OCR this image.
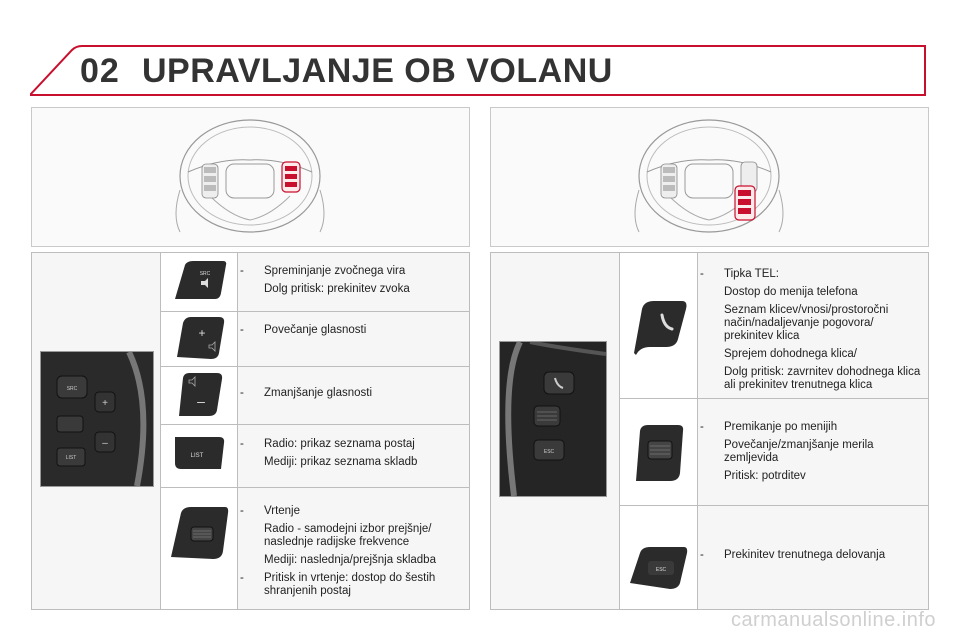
02 UPRAVLJANJE OB VOLANU
SRC
+
–
LIST
SRC
+
–
LIST
- Spreminjanje zvočnega vira
Dolg pritisk: prekinitev zvoka
- Povečanje glasnosti
- Zmanjšanje glasnosti
- Radio: prikaz seznama postaj
Mediji: prikaz seznama skladb
- Vrtenje
Radio - samodejni izbor prejšnje/ naslednje radijske frekvence
Mediji: naslednja/prejšnja skladba
- Pritisk in vrtenje: dostop do šestih shranjenih postaj
ESC
ESC
- Tipka TEL:
Dostop do menija telefona
Seznam klicev/vnosi/prostoročni način/nadaljevanje pogovora/ prekinitev klica
Sprejem dohodnega klica/
Dolg pritisk: zavrnitev dohodnega klica ali prekinitev trenutnega klica
- Premikanje po menijih
Povečanje/zmanjšanje merila zemljevida
Pritisk: potrditev
- Prekinitev trenutnega delovanja
carmanualsonline.info
